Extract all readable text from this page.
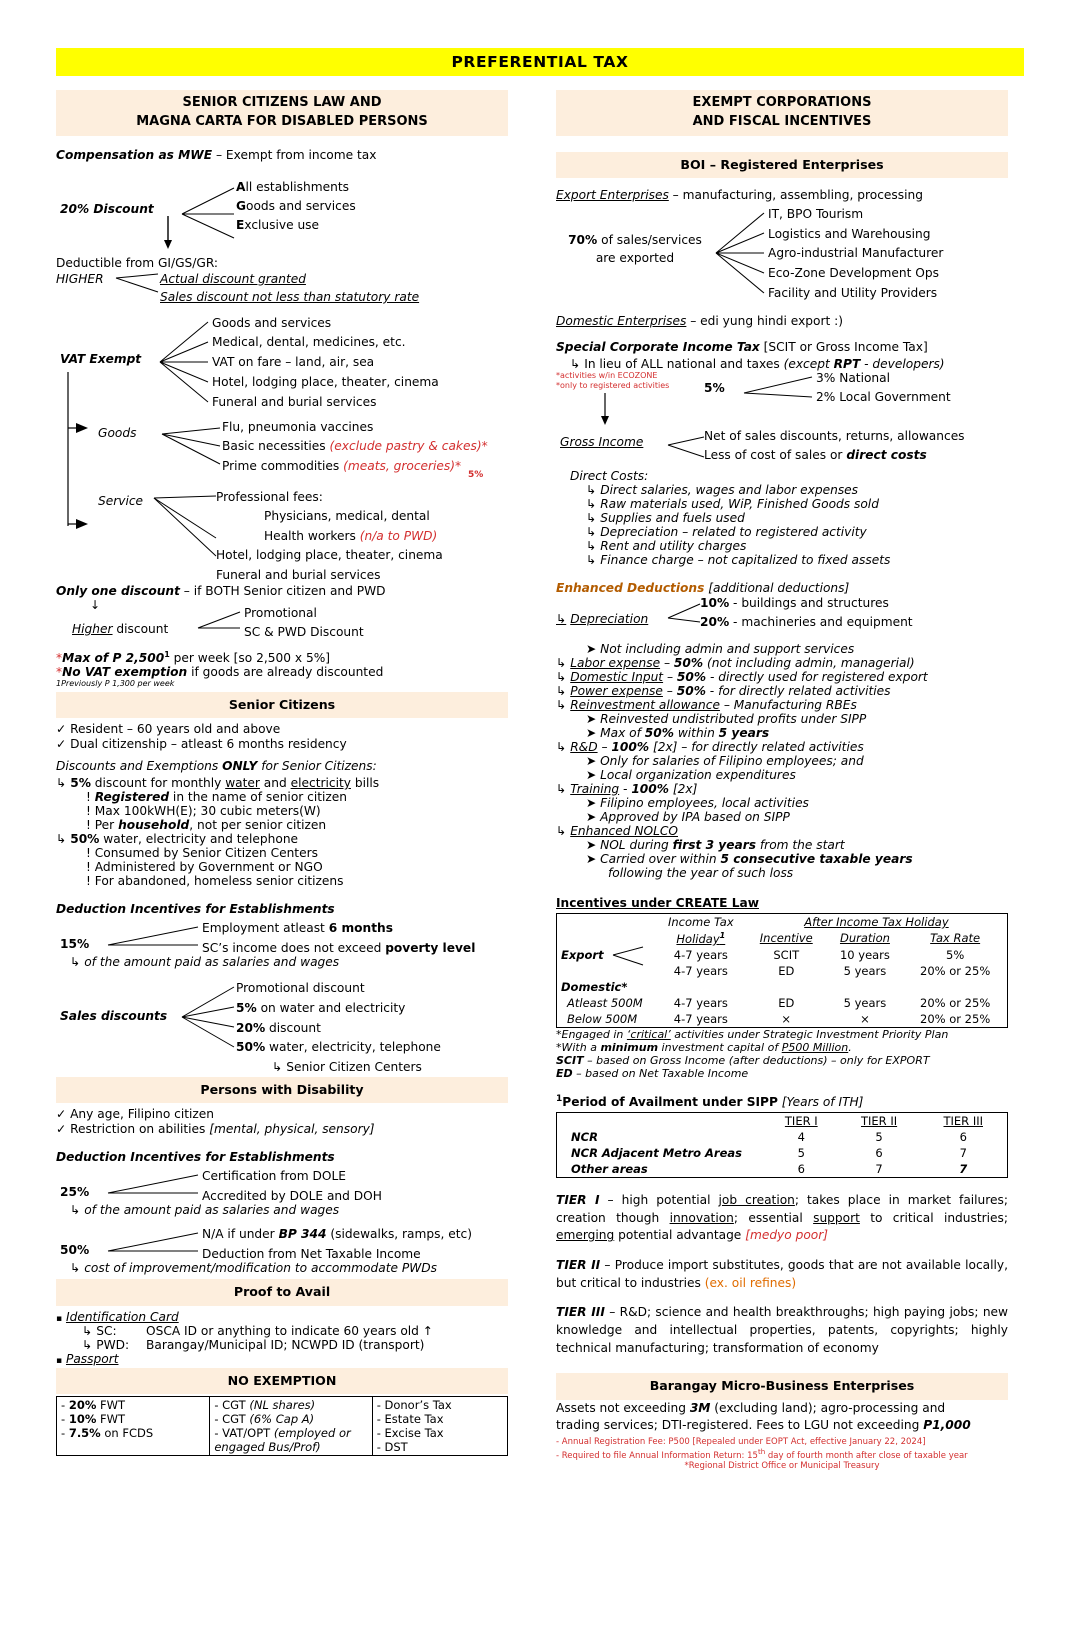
PREFERENTIAL TAX
SENIOR CITIZENS LAW AND
MAGNA CARTA FOR DISABLED PERSONS
Compensation as MWE – Exempt from income tax
20% Discount
All establishments
Goods and services
Exclusive use
Deductible from GI/GS/GR:
HIGHER	Actual discount granted
Sales discount not less than statutory rate
VAT Exempt
Goods and services
Medical, dental, medicines, etc.
VAT on fare – land, air, sea
Hotel, lodging place, theater, cinema
Funeral and burial services
Goods	Flu, pneumonia vaccines
Basic necessities (exclude pastry & cakes)*
Prime commodities (meats, groceries)*
5%
Service	Professional fees:
Physicians, medical, dental
Health workers (n/a to PWD)
Hotel, lodging place, theater, cinema
Funeral and burial services
Only one discount – if BOTH Senior citizen and PWD
↓
Higher discount
Promotional
SC & PWD Discount
*Max of P 2,500$^1$ per week [so 2,500 x 5%]
*No VAT exemption if goods are already discounted
1Previously P 1,300 per week
Senior Citizens
✓ Resident – 60 years old and above
✓ Dual citizenship – atleast 6 months residency

Discounts and Exemptions ONLY for Senior Citizens:

↳ 5% discount for monthly water and electricity bills
! Registered in the name of senior citizen
! Max 100kWH(E); 30 cubic meters(W)
! Per household, not per senior citizen
↳ 50% water, electricity and telephone
! Consumed by Senior Citizen Centers
! Administered by Government or NGO
! For abandoned, homeless senior citizens

Deduction Incentives for Establishments

15%
Employment atleast 6 months
SC’s income does not exceed poverty level
↳ of the amount paid as salaries and wages
Sales discounts
Promotional discount
5% on water and electricity
20% discount
50% water, electricity, telephone
↳ Senior Citizen Centers
Persons with Disability
✓ Any age, Filipino citizen
✓ Restriction on abilities [mental, physical, sensory]

Deduction Incentives for Establishments

25%
Certification from DOLE
Accredited by DOLE and DOH
↳ of the amount paid as salaries and wages
50%
N/A if under BP 344 (sidewalks, ramps, etc)
Deduction from Net Taxable Income
↳ cost of improvement/modification to accommodate PWDs
Proof to Avail
▪ Identification Card
↳ SC:	OSCA ID or anything to indicate 60 years old ↑
↳ PWD:	Barangay/Municipal ID; NCWPD ID (transport)
▪ Passport
NO EXEMPTION
- 20% FWT
- 10% FWT
- 7.5% on FCDS

- CGT (NL shares)
- CGT (6% Cap A)
- VAT/OPT (employed or engaged Bus/Prof)

- Donor’s Tax
- Estate Tax
- Excise Tax
- DST
EXEMPT CORPORATIONS
AND FISCAL INCENTIVES
BOI – Registered Enterprises

Export Enterprises – manufacturing, assembling, processing

70% of sales/services
are exported
IT, BPO Tourism
Logistics and Warehousing
Agro-industrial Manufacturer
Eco-Zone Development Ops
Facility and Utility Providers

Domestic Enterprises – edi yung hindi export :)

Special Corporate Income Tax [SCIT or Gross Income Tax]

↳ In lieu of ALL national and taxes (except RPT - developers)
*activities w/in ECOZONE
*only to registered activities	5%
3% National
2% Local Government
Gross Income	Net of sales discounts, returns, allowances
Less of cost of sales or direct costs
Direct Costs:
↳ Direct salaries, wages and labor expenses
↳ Raw materials used, WiP, Finished Goods sold
↳ Supplies and fuels used
↳ Depreciation – related to registered activity
↳ Rent and utility charges
↳ Finance charge – not capitalized to fixed assets

Enhanced Deductions [additional deductions]

↳ Depreciation
10% - buildings and structures
20% - machineries and equipment
➤ Not including admin and support services
↳ Labor expense – 50% (not including admin, managerial)
↳ Domestic Input – 50% - directly used for registered export
↳ Power expense – 50% - for directly related activities
↳ Reinvestment allowance – Manufacturing RBEs
➤ Reinvested undistributed profits under SIPP
➤ Max of 50% within 5 years
↳ R&D – 100% [2x] – for directly related activities
➤ Only for salaries of Filipino employees; and
➤ Local organization expenditures
↳ Training - 100% [2x]
➤ Filipino employees, local activities
➤ Approved by IPA based on SIPP
↳ Enhanced NOLCO
➤ NOL during first 3 years from the start
➤ Carried over within 5 consecutive taxable years
following the year of such loss

Incentives under CREATE Law

	Income Tax	After Income Tax Holiday		
	Holiday$^1$	Incentive	Duration	Tax Rate
Export	4-7 years	SCIT	10 years	5%
	4-7 years	ED	5 years	20% or 25%
Domestic*				
Atleast 500M	4-7 years	ED	5 years	20% or 25%
Below 500M	4-7 years	×	×	20% or 25%
*Engaged in ‘critical’ activities under Strategic Investment Priority Plan
*With a minimum investment capital of P500 Million.
SCIT – based on Gross Income (after deductions) – only for EXPORT
ED – based on Net Taxable Income

$^1$Period of Availment under SIPP [Years of ITH]

	TIER I	TIER II	TIER III
NCR	4	5	6
NCR Adjacent Metro Areas	5	6	7
Other areas	6	7	7

TIER I – high potential job creation; takes place in market failures; creation though innovation; essential support to critical industries; emerging potential advantage [medyo poor]

TIER II – Produce import substitutes, goods that are not available locally, but critical to industries (ex. oil refines)

TIER III – R&D; science and health breakthroughs; high paying jobs; new knowledge and intellectual properties, patents, copyrights; highly technical manufacturing; transformation of economy

Barangay Micro-Business Enterprises
Assets not exceeding 3M (excluding land); agro-processing and
trading services; DTI-registered. Fees to LGU not exceeding P1,000
- Annual Registration Fee: P500 [Repealed under EOPT Act, effective January 22, 2024]
- Required to file Annual Information Return: 15th day of fourth month after close of taxable year
*Regional District Office or Municipal Treasury
